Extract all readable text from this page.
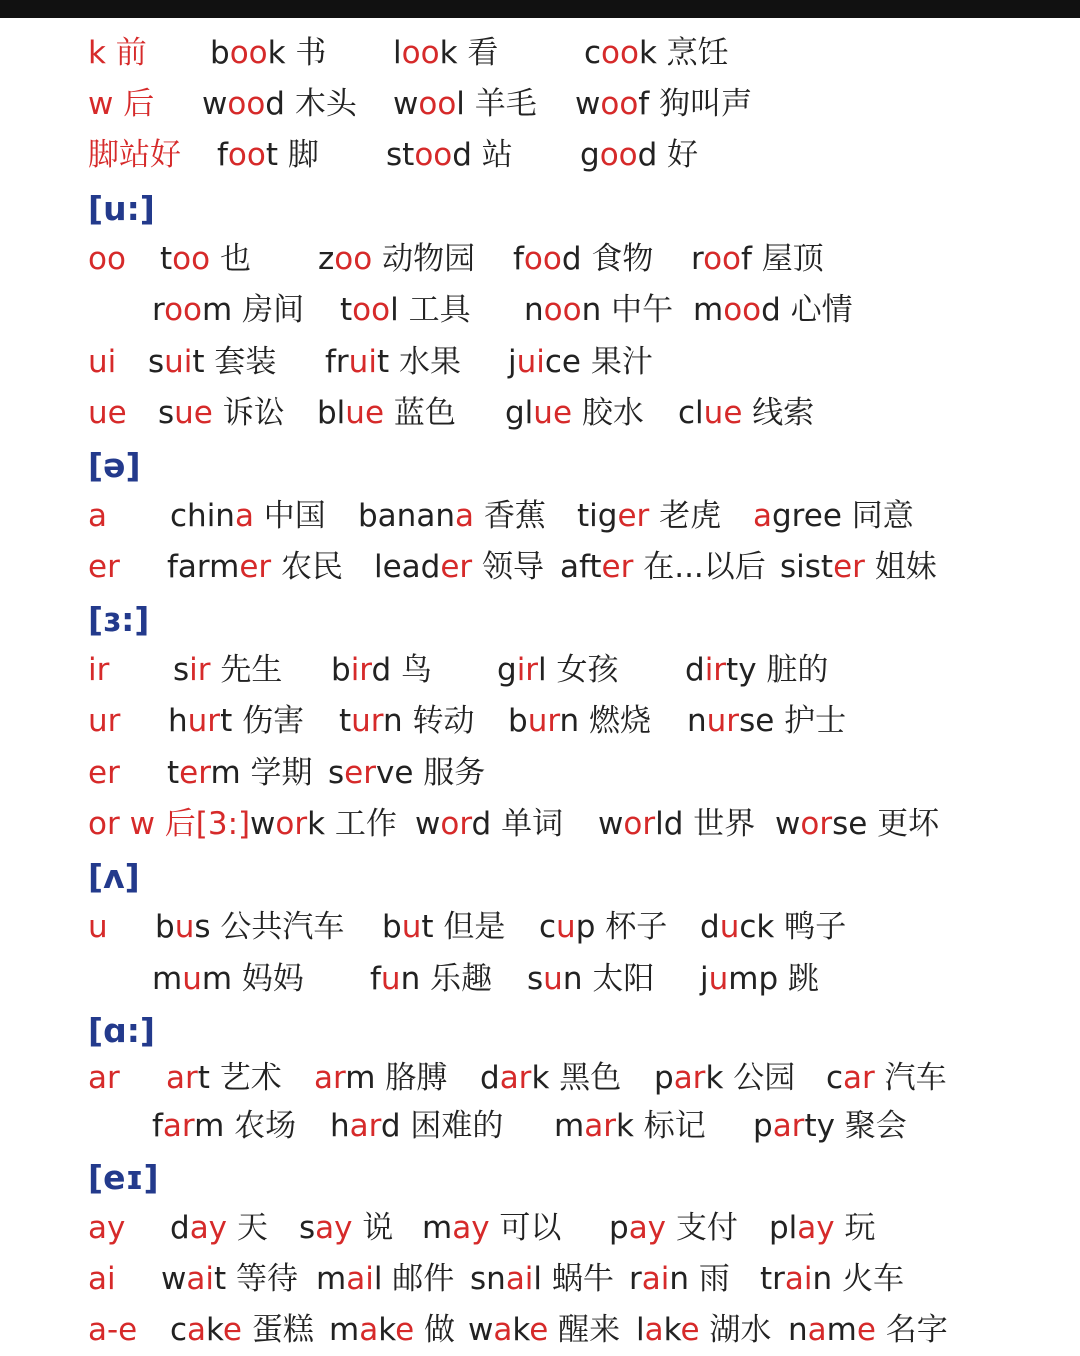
k 前 book 书 look 看	cook 烹饪
w 后 wood 木头 wool 羊毛 woof 狗叫声
脚站好 foot 脚 stood 站 good 好
[u:]
oo too 也 zoo 动物园 food 食物 roof 屋顶
room 房间 tool 工具 noon 中午 mood 心情
ui suit 套装 fruit 水果 juice 果汁
ue sue 诉讼 blue 蓝色 glue 胶水 clue 线索
[ə]
a china 中国 banana 香蕉 tiger 老虎 agree 同意
er farmer 农民 leader 领导 after 在...以后 sister 姐妹
[ɜ:]
ir sir 先生 bird 鸟 girl 女孩 dirty 脏的
ur hurt 伤害 turn 转动 burn 燃烧 nurse 护士
er term 学期 serve 服务
or w 后[3:] work 工作 word 单词 world 世界 worse 更坏
[ʌ]
u bus 公共汽车 but 但是 cup 杯子 duck 鸭子
mum 妈妈 fun 乐趣 sun 太阳 jump 跳
[ɑ:]
ar art 艺术 arm 胳膊 dark 黑色 park 公园 car 汽车
farm 农场 hard 困难的 mark 标记 party 聚会
[eɪ]
ay day 天 say 说 may 可以 pay 支付 play 玩
ai wait 等待 mail 邮件 snail 蜗牛 rain 雨 train 火车
a-e cake 蛋糕 make 做 wake 醒来 lake 湖水 name 名字
